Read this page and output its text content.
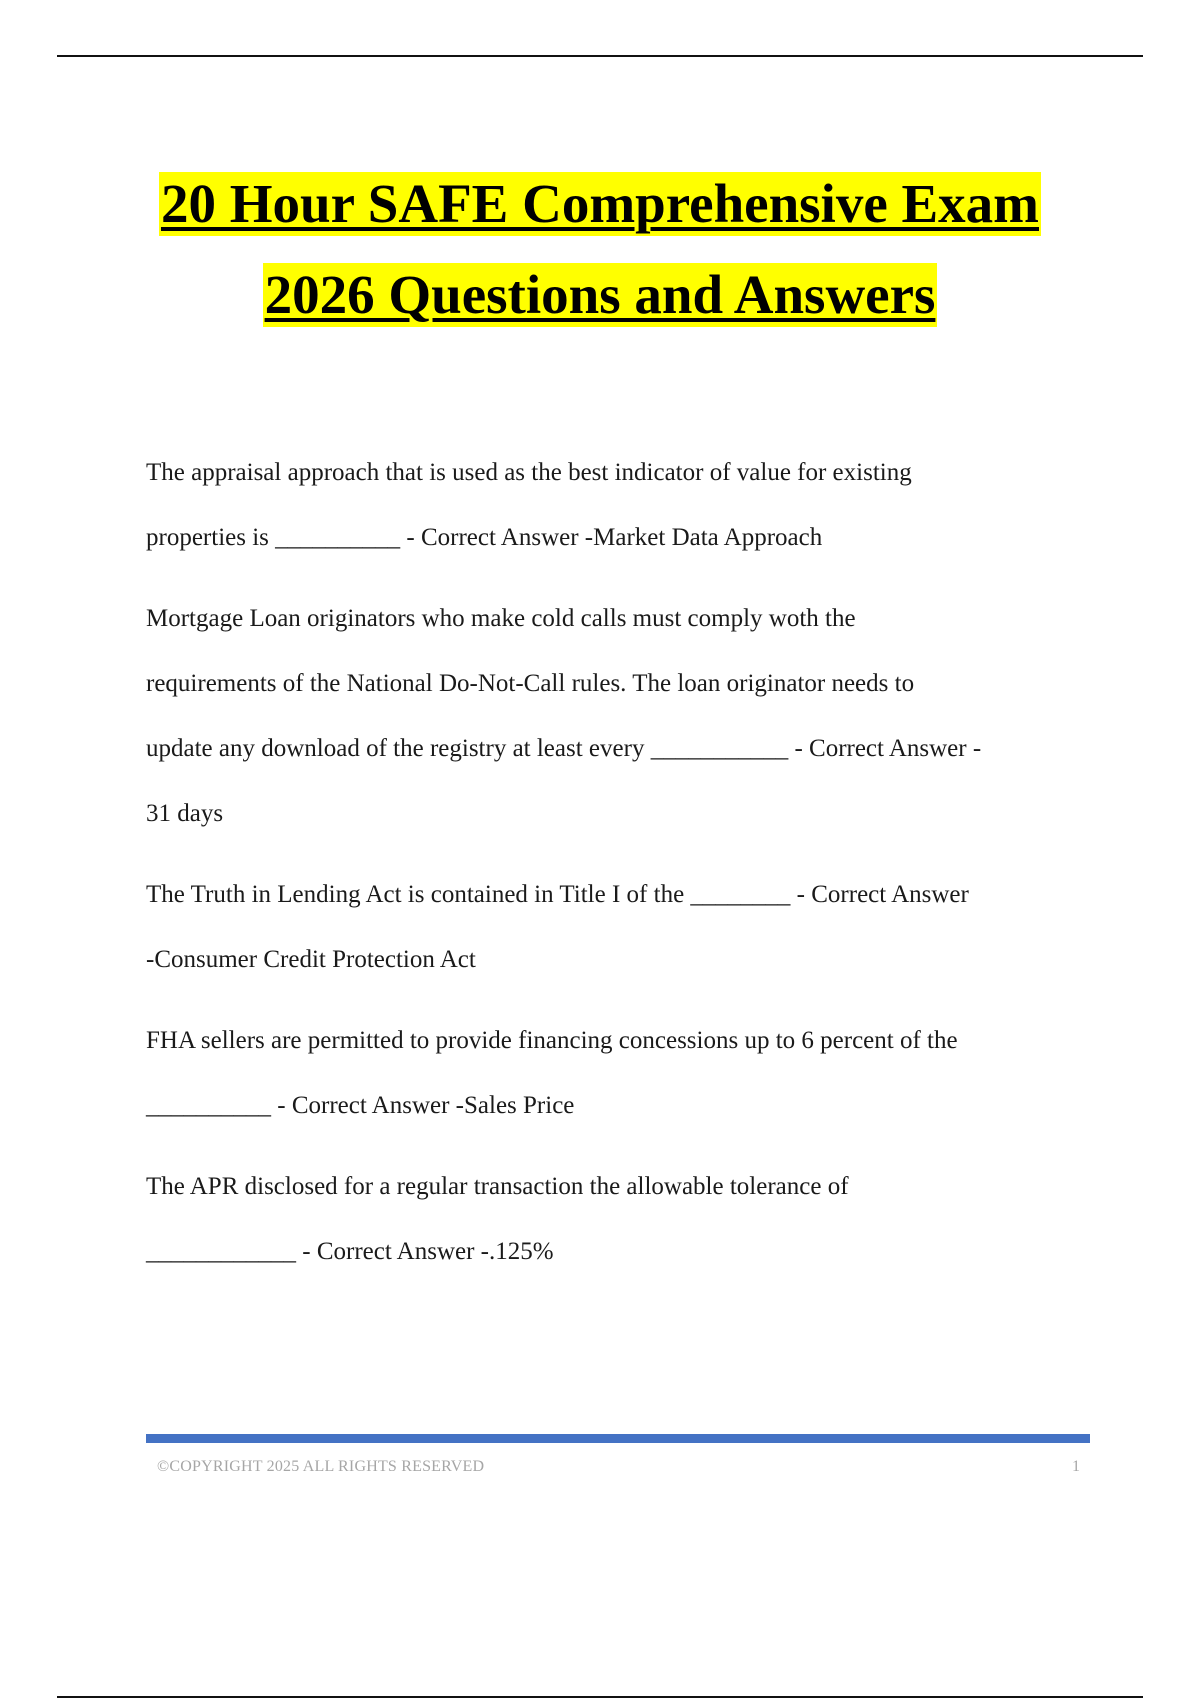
20 Hour SAFE Comprehensive Exam
2026 Questions and Answers
The appraisal approach that is used as the best indicator of value for existing
properties is __________ - Correct Answer -Market Data Approach
Mortgage Loan originators who make cold calls must comply woth the
requirements of the National Do-Not-Call rules. The loan originator needs to
update any download of the registry at least every ___________ - Correct Answer -
31 days
The Truth in Lending Act is contained in Title I of the ________ - Correct Answer
-Consumer Credit Protection Act
FHA sellers are permitted to provide financing concessions up to 6 percent of the
__________ - Correct Answer -Sales Price
The APR disclosed for a regular transaction the allowable tolerance of
____________ - Correct Answer -.125%
©COPYRIGHT 2025 ALL RIGHTS RESERVED	1
